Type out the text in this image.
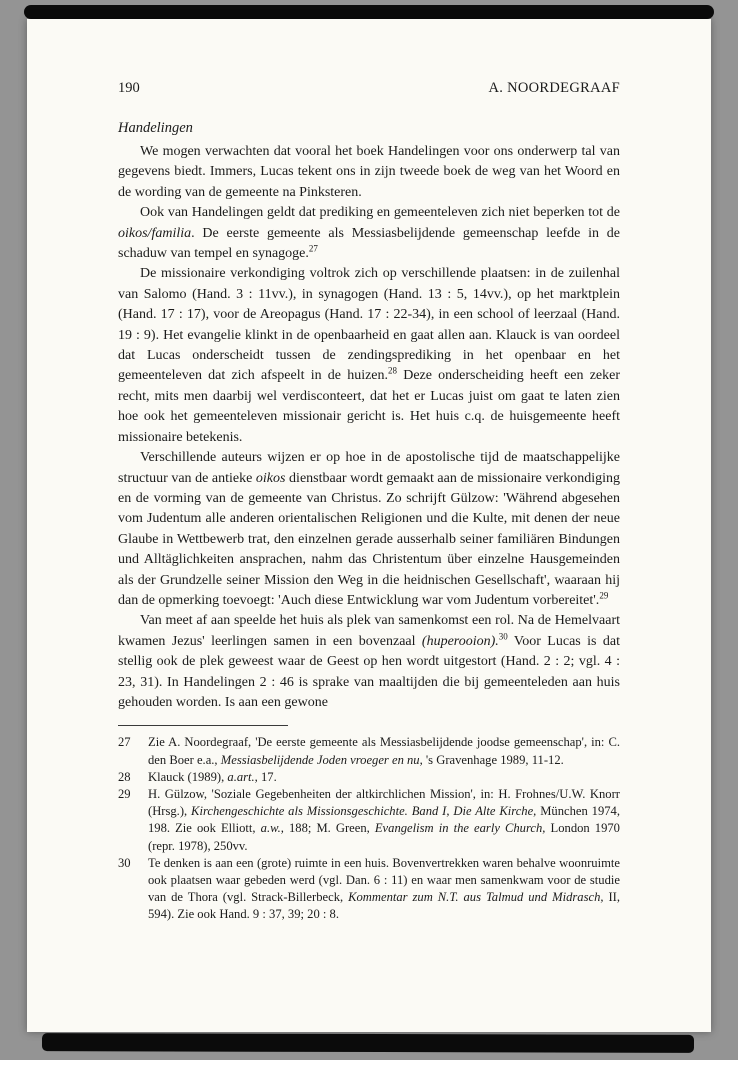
190	A. NOORDEGRAAF
Handelingen

We mogen verwachten dat vooral het boek Handelingen voor ons onderwerp tal van gegevens biedt. Immers, Lucas tekent ons in zijn tweede boek de weg van het Woord en de wording van de gemeente na Pinksteren.

Ook van Handelingen geldt dat prediking en gemeenteleven zich niet beperken tot de oikos/familia. De eerste gemeente als Messiasbelijdende gemeenschap leefde in de schaduw van tempel en synagoge.$^{27}$

De missionaire verkondiging voltrok zich op verschillende plaatsen: in de zuilenhal van Salomo (Hand. 3 : 11vv.), in synagogen (Hand. 13 : 5, 14vv.), op het marktplein (Hand. 17 : 17), voor de Areopagus (Hand. 17 : 22-34), in een school of leerzaal (Hand. 19 : 9). Het evangelie klinkt in de openbaarheid en gaat allen aan. Klauck is van oordeel dat Lucas onderscheidt tussen de zendingsprediking in het openbaar en het gemeenteleven dat zich afspeelt in de huizen.$^{28}$ Deze onderscheiding heeft een zeker recht, mits men daarbij wel verdisconteert, dat het er Lucas juist om gaat te laten zien hoe ook het gemeenteleven missionair gericht is. Het huis c.q. de huisgemeente heeft missionaire betekenis.

Verschillende auteurs wijzen er op hoe in de apostolische tijd de maatschappelijke structuur van de antieke oikos dienstbaar wordt gemaakt aan de missionaire verkondiging en de vorming van de gemeente van Christus. Zo schrijft Gülzow: 'Während abgesehen vom Judentum alle anderen orientalischen Religionen und die Kulte, mit denen der neue Glaube in Wettbewerb trat, den einzelnen gerade ausserhalb seiner familiären Bindungen und Alltäglichkeiten ansprachen, nahm das Christentum über einzelne Hausgemeinden als der Grundzelle seiner Mission den Weg in die heidnischen Gesellschaft', waaraan hij dan de opmerking toevoegt: 'Auch diese Entwicklung war vom Judentum vorbereitet'.$^{29}$

Van meet af aan speelde het huis als plek van samenkomst een rol. Na de Hemelvaart kwamen Jezus' leerlingen samen in een bovenzaal (huperooion).$^{30}$ Voor Lucas is dat stellig ook de plek geweest waar de Geest op hen wordt uitgestort (Hand. 2 : 2; vgl. 4 : 23, 31). In Handelingen 2 : 46 is sprake van maaltijden die bij gemeenteleden aan huis gehouden worden. Is aan een gewone

27	Zie A. Noordegraaf, 'De eerste gemeente als Messiasbelijdende joodse gemeenschap', in: C. den Boer e.a., Messiasbelijdende Joden vroeger en nu, 's Gravenhage 1989, 11-12.
28	Klauck (1989), a.art., 17.
29	H. Gülzow, 'Soziale Gegebenheiten der altkirchlichen Mission', in: H. Frohnes/U.W. Knorr (Hrsg.), Kirchengeschichte als Missionsgeschichte. Band I, Die Alte Kirche, München 1974, 198. Zie ook Elliott, a.w., 188; M. Green, Evangelism in the early Church, London 1970 (repr. 1978), 250vv.
30	Te denken is aan een (grote) ruimte in een huis. Bovenvertrekken waren behalve woonruimte ook plaatsen waar gebeden werd (vgl. Dan. 6 : 11) en waar men samenkwam voor de studie van de Thora (vgl. Strack-Billerbeck, Kommentar zum N.T. aus Talmud und Midrasch, II, 594). Zie ook Hand. 9 : 37, 39; 20 : 8.
